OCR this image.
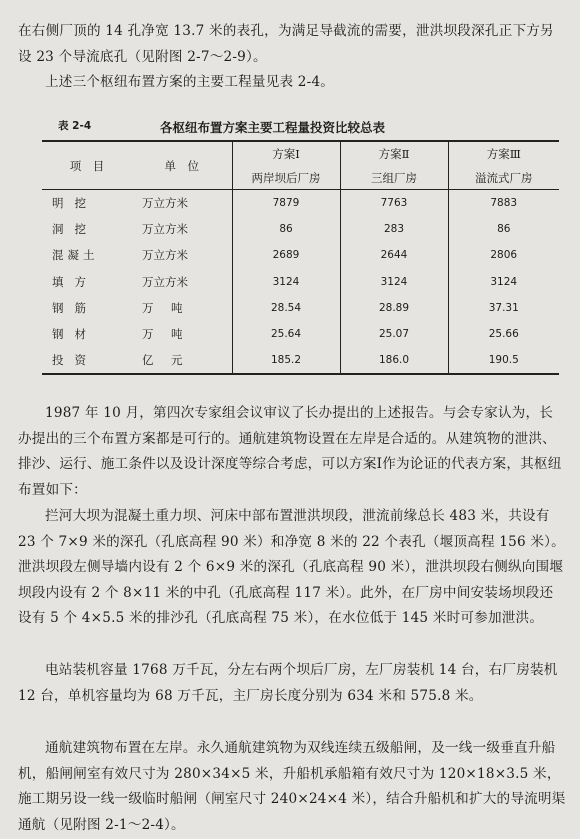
在右侧厂顶的 14 孔净宽 13.7 米的表孔，为满足导截流的需要，泄洪坝段深孔正下方另设 23 个导流底孔（见附图 2-7～2-9）。

上述三个枢纽布置方案的主要工程量见表 2-4。

表 2-4	各枢纽布置方案主要工程量投资比较总表
项　目	单　位	方案Ⅰ	方案Ⅱ	方案Ⅲ
		两岸坝后厂房	三组厂房	溢流式厂房
明挖	万立方米	7879	7763	7883
洞挖	万立方米	86	283	86
混凝土	万立方米	2689	2644	2806
填方	万立方米	3124	3124	3124
钢筋	万　吨	28.54	28.89	37.31
钢材	万　吨	25.64	25.07	25.66
投资	亿　元	185.2	186.0	190.5

1987 年 10 月，第四次专家组会议审议了长办提出的上述报告。与会专家认为，长办提出的三个布置方案都是可行的。通航建筑物设置在左岸是合适的。从建筑物的泄洪、排沙、运行、施工条件以及设计深度等综合考虑，可以方案Ⅰ作为论证的代表方案，其枢纽布置如下：

拦河大坝为混凝土重力坝、河床中部布置泄洪坝段，泄流前缘总长 483 米，共设有 23 个 7×9 米的深孔（孔底高程 90 米）和净宽 8 米的 22 个表孔（堰顶高程 156 米）。泄洪坝段左侧导墙内设有 2 个 6×9 米的深孔（孔底高程 90 米），泄洪坝段右侧纵向围堰坝段内设有 2 个 8×11 米的中孔（孔底高程 117 米）。此外，在厂房中间安装场坝段还设有 5 个 4×5.5 米的排沙孔（孔底高程 75 米），在水位低于 145 米时可参加泄洪。

电站装机容量 1768 万千瓦，分左右两个坝后厂房，左厂房装机 14 台，右厂房装机 12 台，单机容量均为 68 万千瓦，主厂房长度分别为 634 米和 575.8 米。

通航建筑物布置在左岸。永久通航建筑物为双线连续五级船闸，及一线一级垂直升船机，船闸闸室有效尺寸为 280×34×5 米，升船机承船箱有效尺寸为 120×18×3.5 米，施工期另设一线一级临时船闸（闸室尺寸 240×24×4 米），结合升船机和扩大的导流明渠通航（见附图 2-1～2-4）。
